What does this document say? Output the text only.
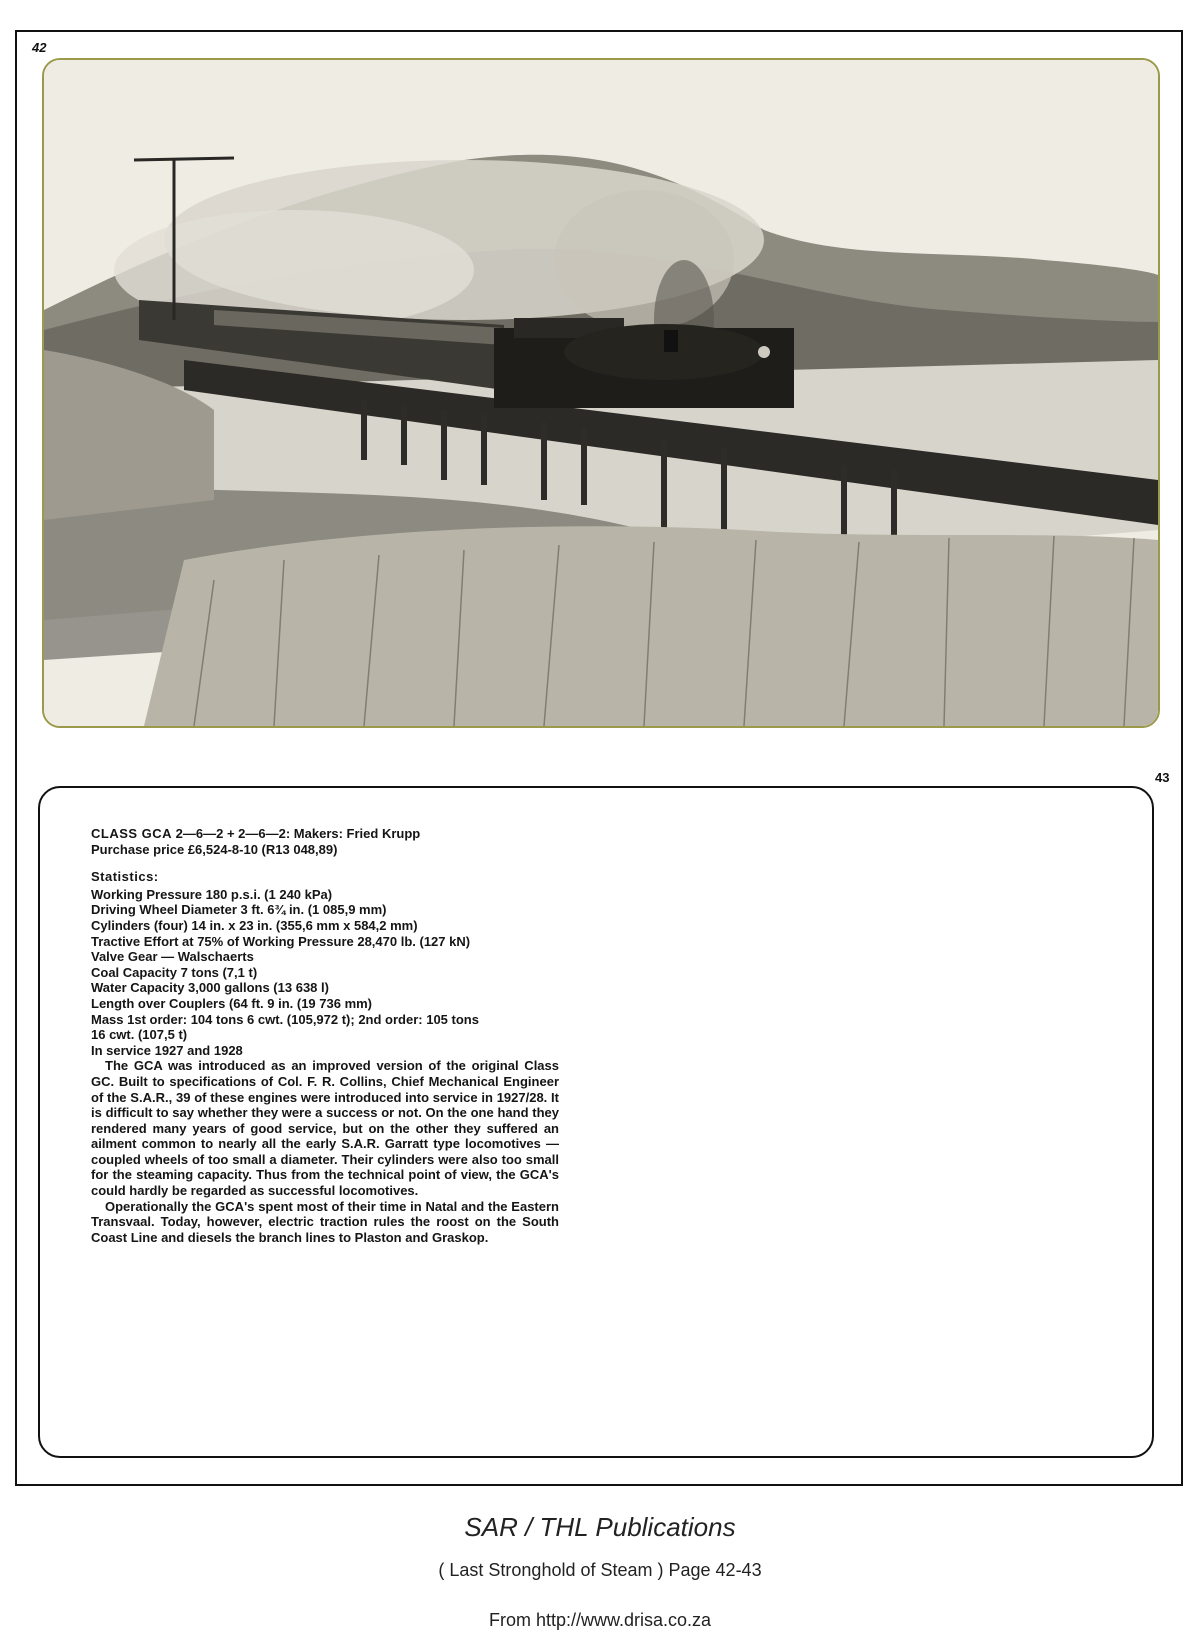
42
43
CLASS GCA 2—6—2 + 2—6—2: Makers: Fried Krupp
Purchase price £6,524-8-10 (R13 048,89)
Statistics:
Working Pressure 180 p.s.i. (1 240 kPa)
Driving Wheel Diameter 3 ft. 6¾ in. (1 085,9 mm)
Cylinders (four) 14 in. x 23 in. (355,6 mm x 584,2 mm)
Tractive Effort at 75% of Working Pressure 28,470 lb. (127 kN)
Valve Gear — Walschaerts
Coal Capacity 7 tons (7,1 t)
Water Capacity 3,000 gallons (13 638 l)
Length over Couplers (64 ft. 9 in. (19 736 mm)
Mass 1st order: 104 tons 6 cwt. (105,972 t); 2nd order: 105 tons
16 cwt. (107,5 t)
In service 1927 and 1928

The GCA was introduced as an improved version of the original Class GC. Built to specifications of Col. F. R. Collins, Chief Mechanical Engineer of the S.A.R., 39 of these engines were introduced into service in 1927/28. It is difficult to say whether they were a success or not. On the one hand they rendered many years of good service, but on the other they suffered an ailment common to nearly all the early S.A.R. Garratt type locomotives — coupled wheels of too small a diameter. Their cylinders were also too small for the steaming capacity. Thus from the technical point of view, the GCA's could hardly be regarded as successful locomotives.

Operationally the GCA's spent most of their time in Natal and the Eastern Transvaal. Today, however, electric traction rules the roost on the South Coast Line and diesels the branch lines to Plaston and Graskop.

SAR / THL Publications
( Last Stronghold of Steam ) Page 42-43
From http://www.drisa.co.za
